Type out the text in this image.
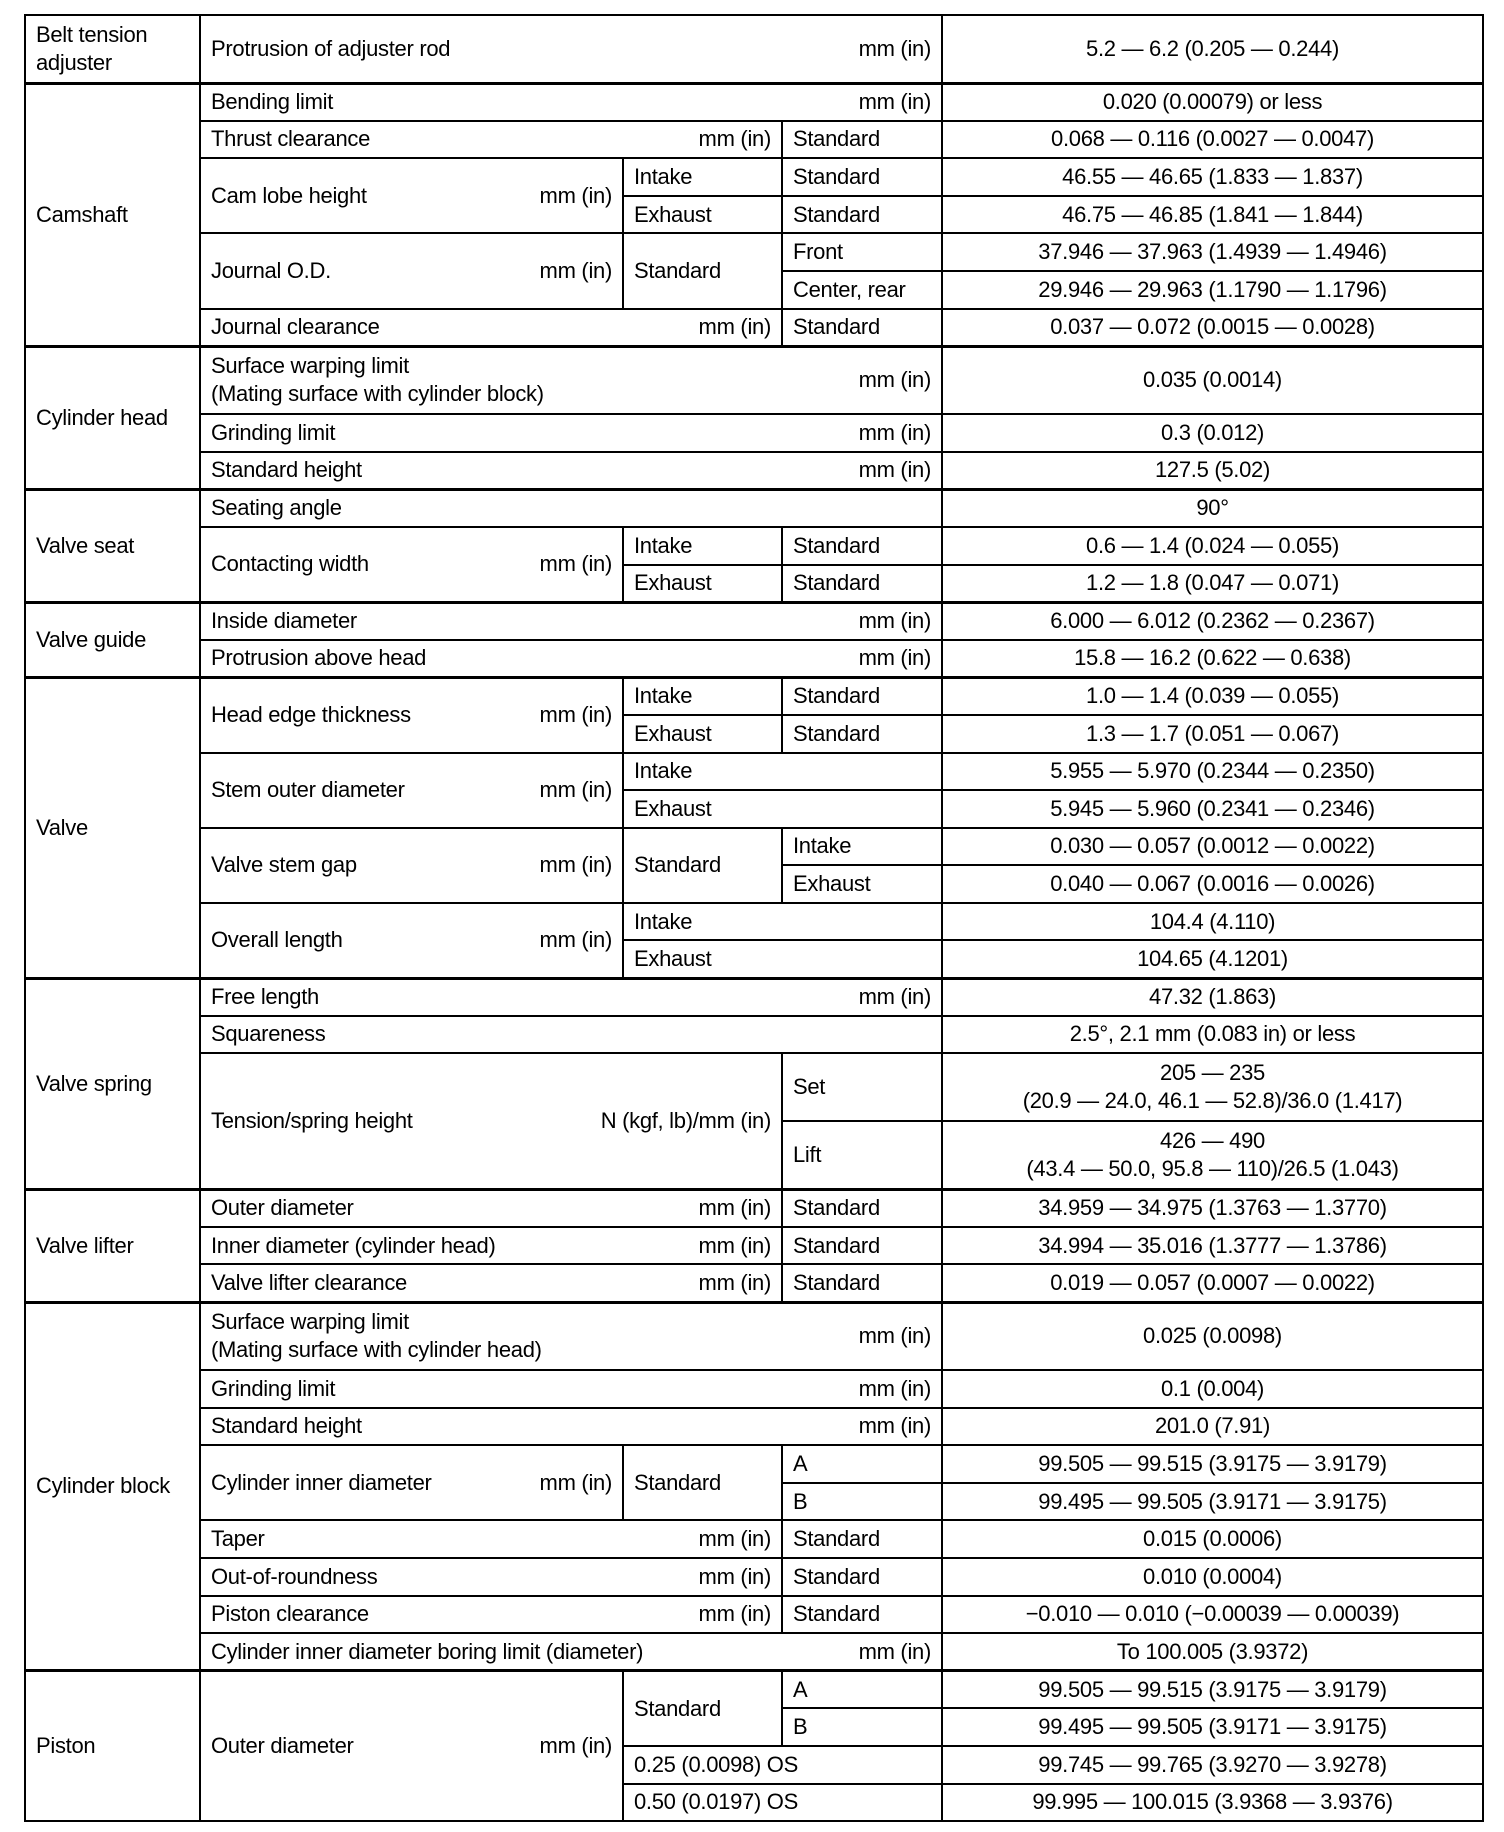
Belt tension adjuster	Protrusion of adjuster rod mm (in)			5.2 — 6.2 (0.205 — 0.244)
Camshaft	Bending limit mm (in)			0.020 (0.00079) or less

	Thrust clearance mm (in)		Standard	0.068 — 0.116 (0.0027 — 0.0047)

	Cam lobe height mm (in)	Intake	Standard	46.55 — 46.65 (1.833 — 1.837)
		Exhaust	Standard	46.75 — 46.85 (1.841 — 1.844)

	Journal O.D. mm (in)	Standard	Front	37.946 — 37.963 (1.4939 — 1.4946)
			Center, rear	29.946 — 29.963 (1.1790 — 1.1796)

	Journal clearance mm (in)		Standard	0.037 — 0.072 (0.0015 — 0.0028)
Cylinder head	Surface warping limit
(Mating surface with cylinder block)
mm (in)			0.035 (0.0014)

	Grinding limit mm (in)			0.3 (0.012)

	Standard height mm (in)			127.5 (5.02)
Valve seat	Seating angle			90°

	Contacting width mm (in)	Intake	Standard	0.6 — 1.4 (0.024 — 0.055)
		Exhaust	Standard	1.2 — 1.8 (0.047 — 0.071)
Valve guide	Inside diameter mm (in)			6.000 — 6.012 (0.2362 — 0.2367)

	Protrusion above head mm (in)			15.8 — 16.2 (0.622 — 0.638)
Valve	Head edge thickness mm (in)	Intake	Standard	1.0 — 1.4 (0.039 — 0.055)
		Exhaust	Standard	1.3 — 1.7 (0.051 — 0.067)

	Stem outer diameter mm (in)	Intake		5.955 — 5.970 (0.2344 — 0.2350)
		Exhaust		5.945 — 5.960 (0.2341 — 0.2346)

	Valve stem gap mm (in)	Standard	Intake	0.030 — 0.057 (0.0012 — 0.0022)
			Exhaust	0.040 — 0.067 (0.0016 — 0.0026)

	Overall length mm (in)	Intake		104.4 (4.110)
		Exhaust		104.65 (4.1201)
Valve spring	Free length mm (in)			47.32 (1.863)
	Squareness			2.5°, 2.1 mm (0.083 in) or less

	Tension/spring height N (kgf, lb)/mm (in)		Set	205 — 235
(20.9 — 24.0, 46.1 — 52.8)/36.0 (1.417)

			Lift	426 — 490
(43.4 — 50.0, 95.8 — 110)/26.5 (1.043)

Valve lifter	Outer diameter mm (in)		Standard	34.959 — 34.975 (1.3763 — 1.3770)

	Inner diameter (cylinder head) mm (in)		Standard	34.994 — 35.016 (1.3777 — 1.3786)

	Valve lifter clearance mm (in)		Standard	0.019 — 0.057 (0.0007 — 0.0022)
Cylinder block	Surface warping limit
(Mating surface with cylinder head)
mm (in)			0.025 (0.0098)

	Grinding limit mm (in)			0.1 (0.004)

	Standard height mm (in)			201.0 (7.91)

	Cylinder inner diameter mm (in)	Standard	A	99.505 — 99.515 (3.9175 — 3.9179)
			B	99.495 — 99.505 (3.9171 — 3.9175)

	Taper mm (in)		Standard	0.015 (0.0006)

	Out-of-roundness mm (in)		Standard	0.010 (0.0004)

	Piston clearance mm (in)		Standard	−0.010 — 0.010 (−0.00039 — 0.00039)

	Cylinder inner diameter boring limit (diameter) mm (in)			To 100.005 (3.9372)
Piston	Outer diameter mm (in)	Standard	A	99.505 — 99.515 (3.9175 — 3.9179)
			B	99.495 — 99.505 (3.9171 — 3.9175)
		0.25 (0.0098) OS		99.745 — 99.765 (3.9270 — 3.9278)
		0.50 (0.0197) OS		99.995 — 100.015 (3.9368 — 3.9376)
